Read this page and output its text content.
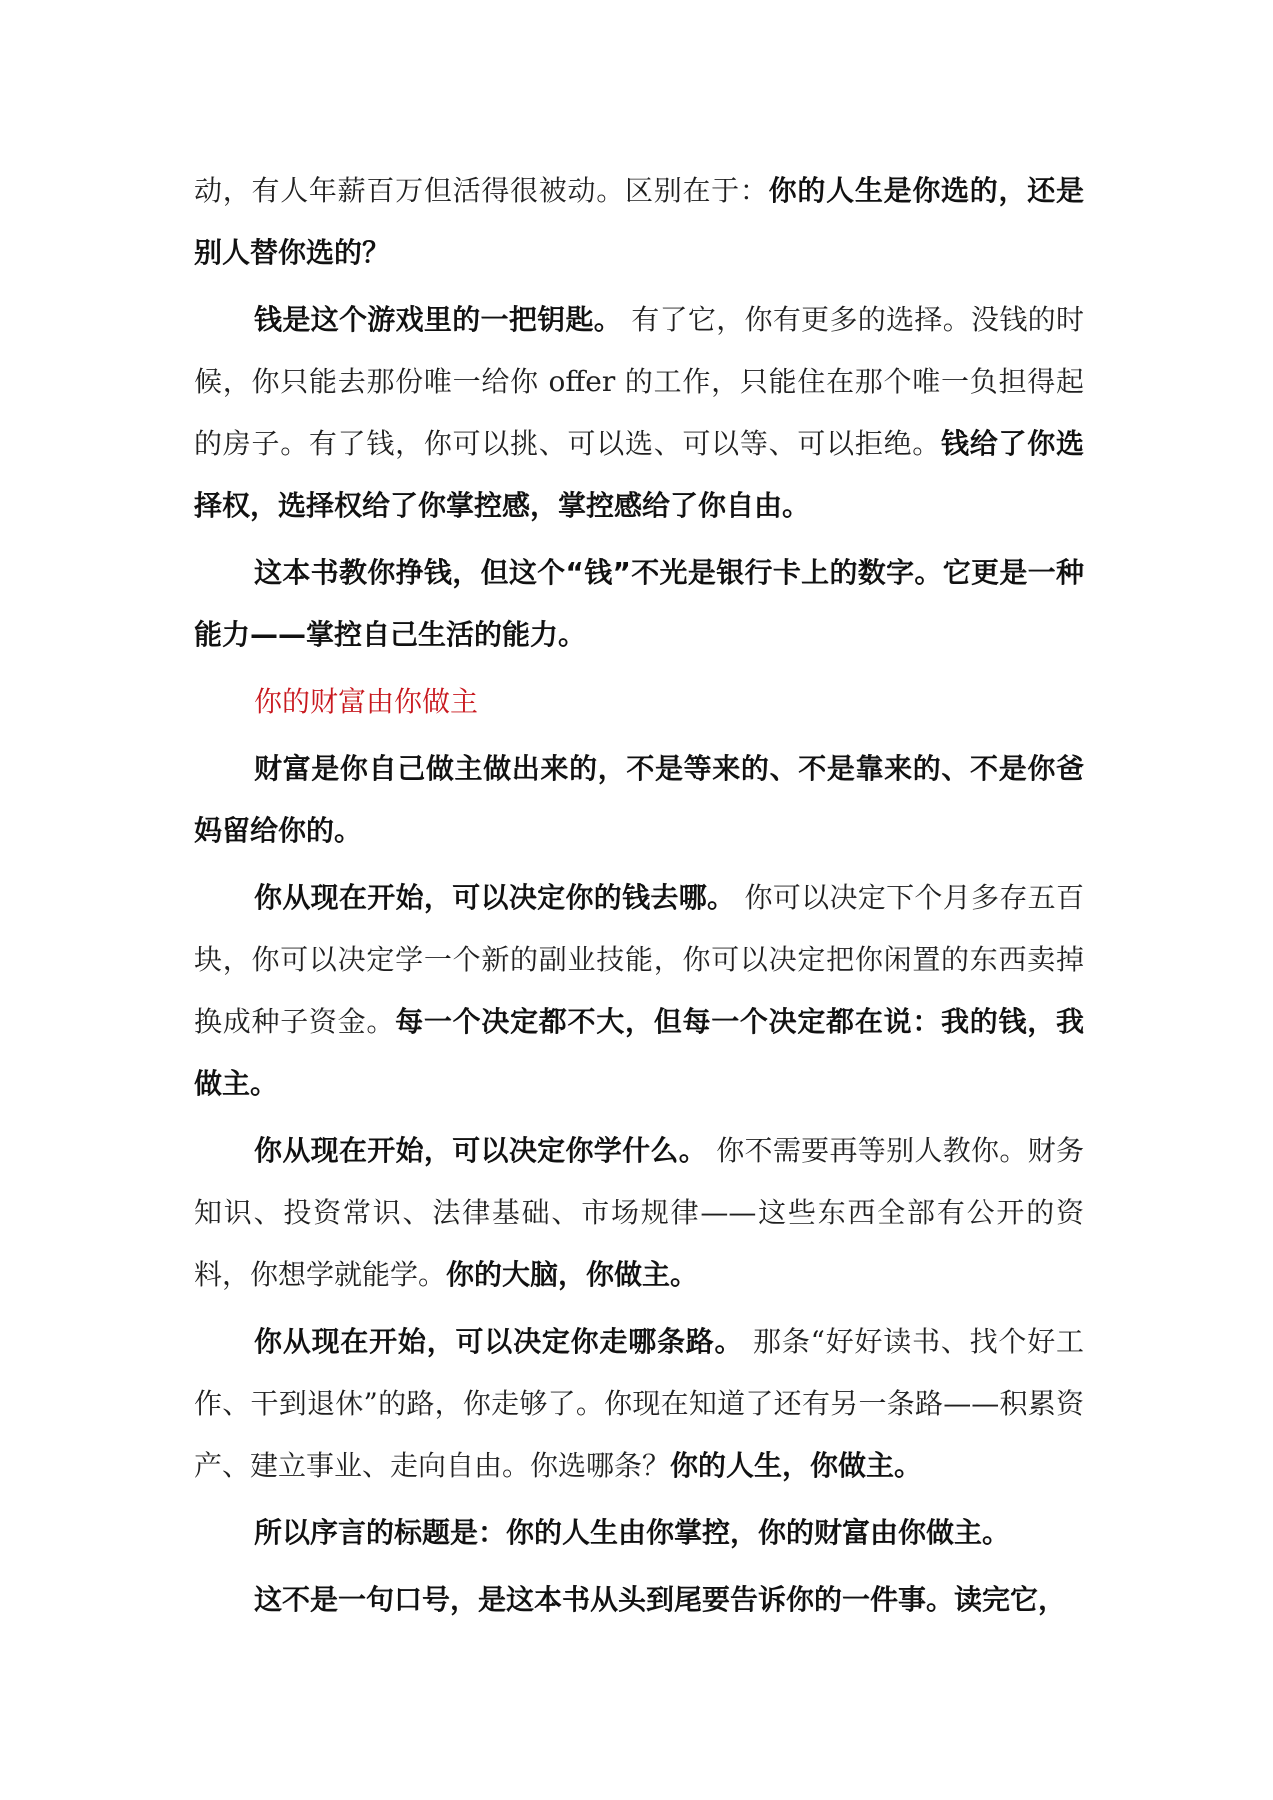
动，有人年薪百万但活得很被动。区别在于：你的人生是你选的，还是别人替你选的？

钱是这个游戏里的一把钥匙。 有了它，你有更多的选择。没钱的时候，你只能去那份唯一给你 offer 的工作，只能住在那个唯一负担得起的房子。有了钱，你可以挑、可以选、可以等、可以拒绝。钱给了你选择权，选择权给了你掌控感，掌控感给了你自由。

这本书教你挣钱，但这个“钱”不光是银行卡上的数字。它更是一种能力——掌控自己生活的能力。

你的财富由你做主

财富是你自己做主做出来的，不是等来的、不是靠来的、不是你爸妈留给你的。

你从现在开始，可以决定你的钱去哪。 你可以决定下个月多存五百块，你可以决定学一个新的副业技能，你可以决定把你闲置的东西卖掉换成种子资金。每一个决定都不大，但每一个决定都在说：我的钱，我做主。

你从现在开始，可以决定你学什么。 你不需要再等别人教你。财务知识、投资常识、法律基础、市场规律——这些东西全部有公开的资料，你想学就能学。你的大脑，你做主。

你从现在开始，可以决定你走哪条路。 那条“好好读书、找个好工作、干到退休”的路，你走够了。你现在知道了还有另一条路——积累资产、建立事业、走向自由。你选哪条？你的人生，你做主。

所以序言的标题是：你的人生由你掌控，你的财富由你做主。

这不是一句口号，是这本书从头到尾要告诉你的一件事。读完它，
